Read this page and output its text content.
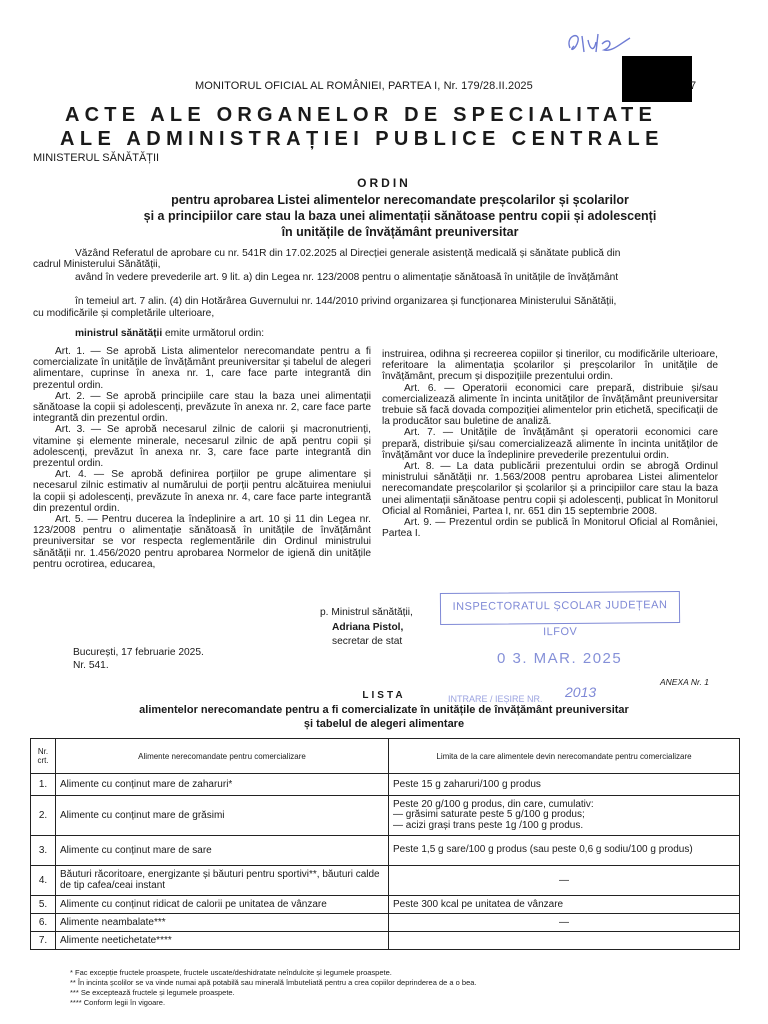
MONITORUL OFICIAL AL ROMÂNIEI, PARTEA I, Nr. 179/28.II.2025	7
ACTE ALE ORGANELOR DE SPECIALITATE
ALE ADMINISTRAȚIEI PUBLICE CENTRALE
MINISTERUL SĂNĂTĂȚII
ORDIN
pentru aprobarea Listei alimentelor nerecomandate preșcolarilor și școlarilor
și a principiilor care stau la baza unei alimentații sănătoase pentru copii și adolescenți
în unitățile de învățământ preuniversitar
Văzând Referatul de aprobare cu nr. 541R din 17.02.2025 al Direcției generale asistență medicală și sănătate publică din
cadrul Ministerului Sănătății,
având în vedere prevederile art. 9 lit. a) din Legea nr. 123/2008 pentru o alimentație sănătoasă în unitățile de învățământ
în temeiul art. 7 alin. (4) din Hotărârea Guvernului nr. 144/2010 privind organizarea și funcționarea Ministerului Sănătății,
cu modificările și completările ulterioare,
ministrul sănătății emite următorul ordin:

Art. 1. — Se aprobă Lista alimentelor nerecomandate pentru a fi comercializate în unitățile de învățământ preuniversitar și tabelul de alegeri alimentare, cuprinse în anexa nr. 1, care face parte integrantă din prezentul ordin.

Art. 2. — Se aprobă principiile care stau la baza unei alimentații sănătoase la copii și adolescenți, prevăzute în anexa nr. 2, care face parte integrantă din prezentul ordin.

Art. 3. — Se aprobă necesarul zilnic de calorii și macronutrienți, vitamine și elemente minerale, necesarul zilnic de apă pentru copii și adolescenți, prevăzut în anexa nr. 3, care face parte integrantă din prezentul ordin.

Art. 4. — Se aprobă definirea porțiilor pe grupe alimentare și necesarul zilnic estimativ al numărului de porții pentru alcătuirea meniului la copii și adolescenți, prevăzute în anexa nr. 4, care face parte integrantă din prezentul ordin.

Art. 5. — Pentru ducerea la îndeplinire a art. 10 și 11 din Legea nr. 123/2008 pentru o alimentație sănătoasă în unitățile de învățământ preuniversitar se vor respecta reglementările din Ordinul ministrului sănătății nr. 1.456/2020 pentru aprobarea Normelor de igienă din unitățile pentru ocrotirea, educarea,

instruirea, odihna și recreerea copiilor și tinerilor, cu modificările ulterioare, referitoare la alimentația școlarilor și preșcolarilor în unitățile de învățământ, precum și dispozițiile prezentului ordin.

Art. 6. — Operatorii economici care prepară, distribuie și/sau comercializează alimente în incinta unităților de învățământ preuniversitar trebuie să facă dovada compoziției alimentelor prin etichetă, specificații de la producător sau buletine de analiză.

Art. 7. — Unitățile de învățământ și operatorii economici care prepară, distribuie și/sau comercializează alimente în incinta unităților de învățământ vor duce la îndeplinire prevederile prezentului ordin.

Art. 8. — La data publicării prezentului ordin se abrogă Ordinul ministrului sănătății nr. 1.563/2008 pentru aprobarea Listei alimentelor nerecomandate preșcolarilor și școlarilor și a principiilor care stau la baza unei alimentații sănătoase pentru copii și adolescenți, publicat în Monitorul Oficial al României, Partea I, nr. 651 din 15 septembrie 2008.

Art. 9. — Prezentul ordin se publică în Monitorul Oficial al României, Partea I.

p. Ministrul sănătății,
Adriana Pistol,
secretar de stat
București, 17 februarie 2025.
Nr. 541.
INSPECTORATUL ȘCOLAR JUDEȚEAN ILFOV
0 3. MAR. 2025
INTRARE / IEȘIRE NR. 2013
ANEXA Nr. 1
LISTA
alimentelor nerecomandate pentru a fi comercializate în unitățile de învățământ preuniversitar
și tabelul de alegeri alimentare
Nr. crt.	Alimente nerecomandate pentru comercializare	Limita de la care alimentele devin nerecomandate pentru comercializare
1.	Alimente cu conținut mare de zaharuri*	Peste 15 g zaharuri/100 g produs
2.	Alimente cu conținut mare de grăsimi	Peste 20 g/100 g produs, din care, cumulativ:
— grăsimi saturate peste 5 g/100 g produs;
— acizi grași trans peste 1g /100 g produs.
3.	Alimente cu conținut mare de sare	Peste 1,5 g sare/100 g produs (sau peste 0,6 g sodiu/100 g produs)
4.	Băuturi răcoritoare, energizante și băuturi pentru sportivi**, băuturi calde de tip cafea/ceai instant	—
5.	Alimente cu conținut ridicat de calorii pe unitatea de vânzare	Peste 300 kcal pe unitatea de vânzare
6.	Alimente neambalate***	—
7.	Alimente neetichetate****	
* Fac excepție fructele proaspete, fructele uscate/deshidratate neîndulcite și legumele proaspete.
** În incinta școlilor se va vinde numai apă potabilă sau minerală îmbuteliată pentru a crea copiilor deprinderea de a o bea.
*** Se exceptează fructele și legumele proaspete.
**** Conform legii în vigoare.
